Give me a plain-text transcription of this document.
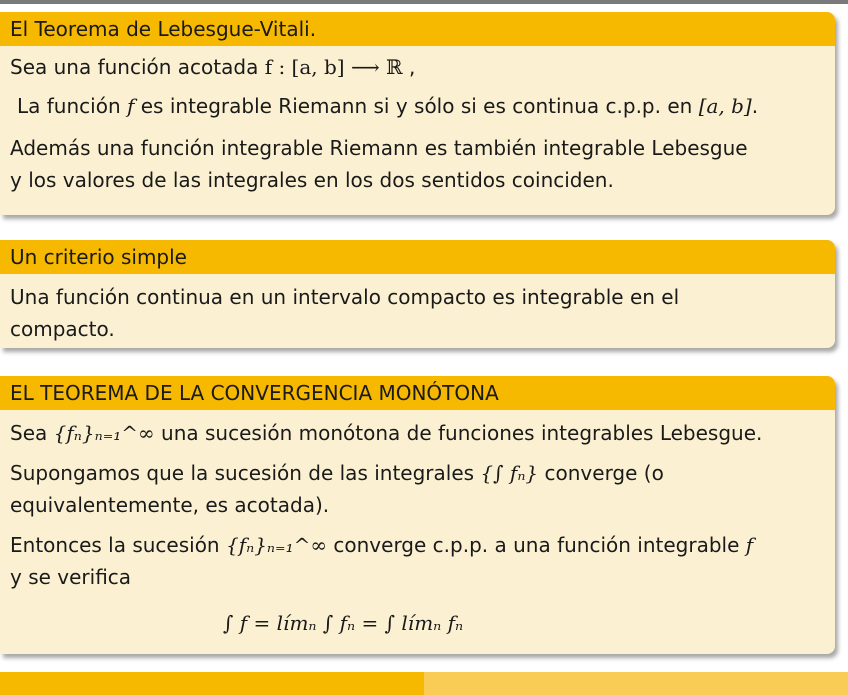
El Teorema de Lebesgue-Vitali.
Sea una función acotada f : [a, b] ⟶ ℝ ,
La función f es integrable Riemann si y sólo si es continua c.p.p. en [a, b].
Además una función integrable Riemann es también integrable Lebesgue
y los valores de las integrales en los dos sentidos coinciden.
Un criterio simple
Una función continua en un intervalo compacto es integrable en el
compacto.
EL TEOREMA DE LA CONVERGENCIA MONÓTONA
Sea {fₙ}ₙ₌₁^∞ una sucesión monótona de funciones integrables Lebesgue.
Supongamos que la sucesión de las integrales {∫ fₙ} converge (o
equivalentemente, es acotada).
Entonces la sucesión {fₙ}ₙ₌₁^∞ converge c.p.p. a una función integrable f
y se verifica
∫ f = límₙ ∫ fₙ = ∫ límₙ fₙ
